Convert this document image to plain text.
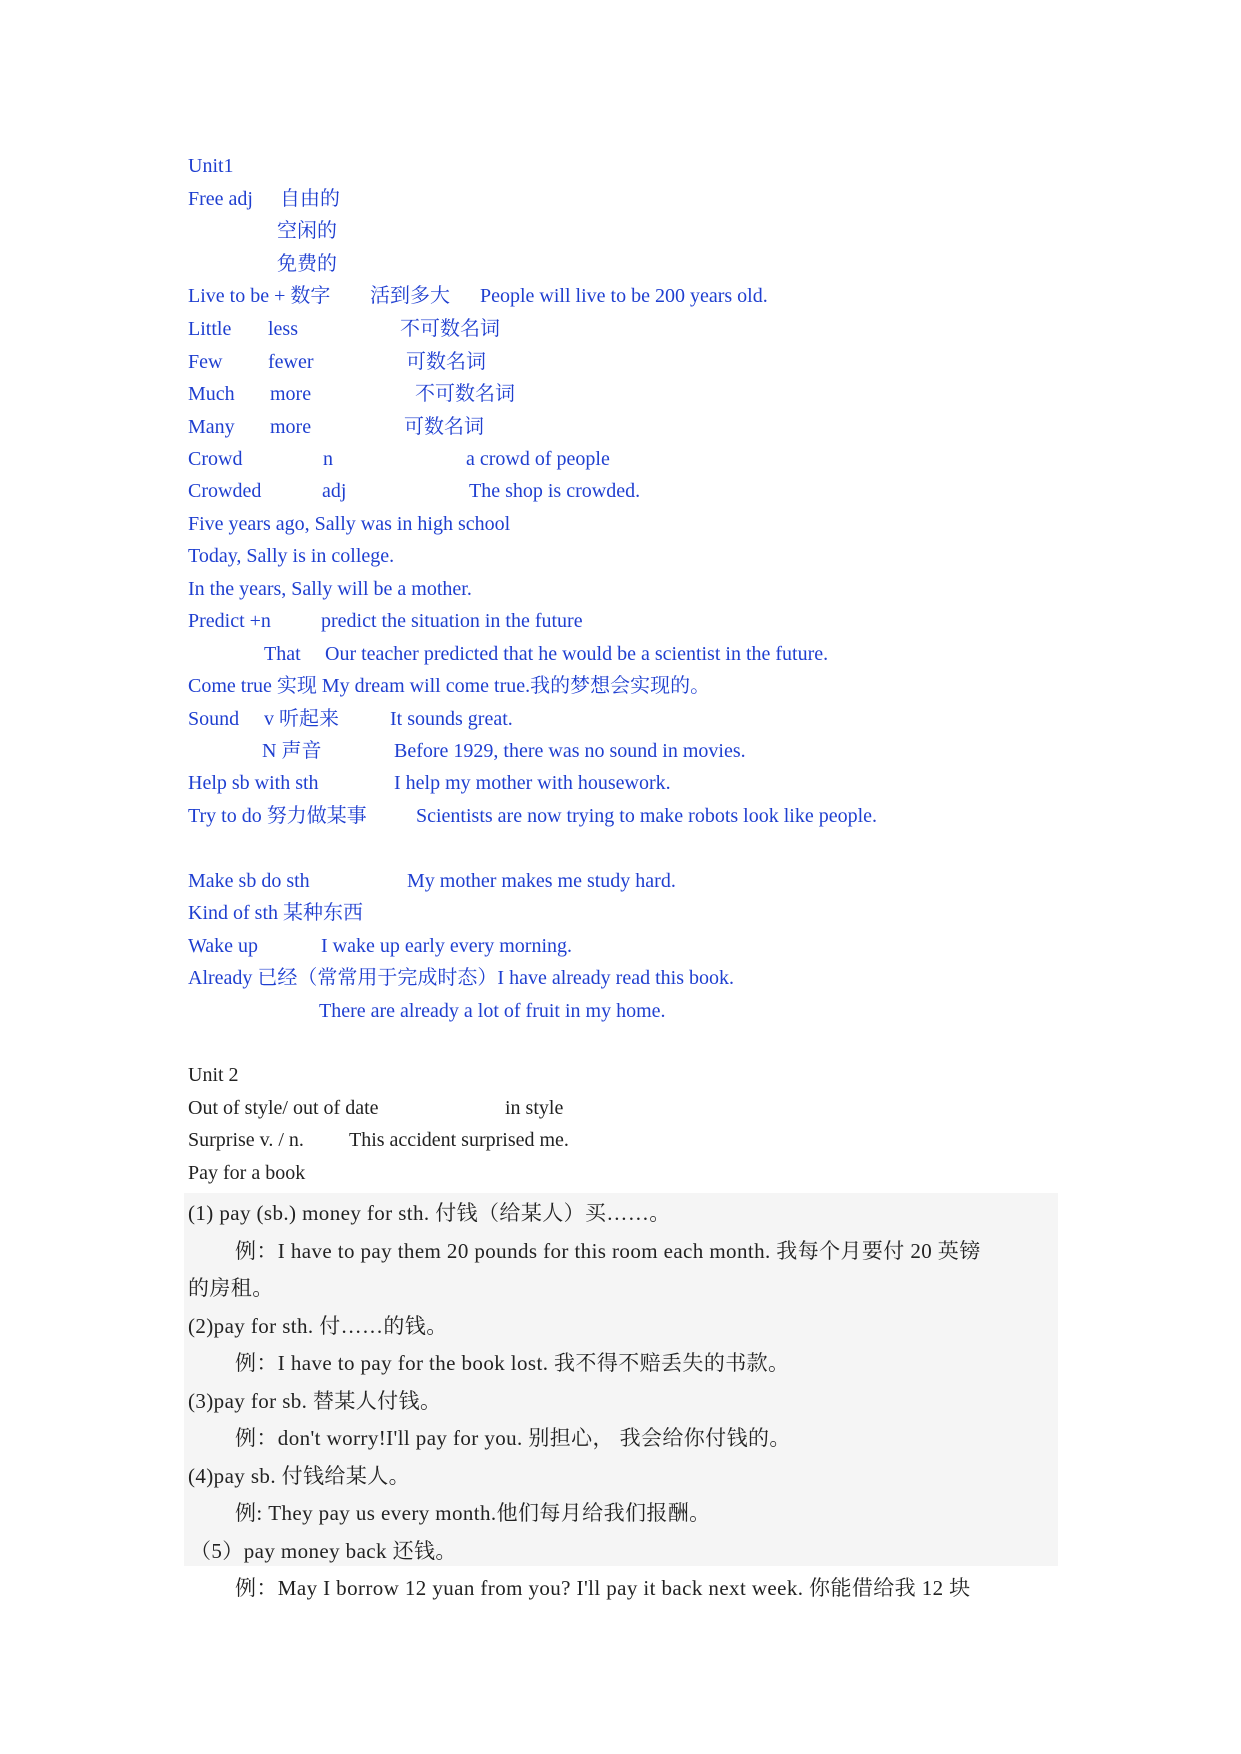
Unit1
Free adj 自由的
空闲的
免费的
Live to be + 数字 活到多大 People will live to be 200 years old.
Little less	不可数名词
Few fewer	可数名词
Much more	不可数名词
Many more	可数名词
Crowd	n	a crowd of people
Crowded	adj	The shop is crowded.
Five years ago, Sally was in high school
Today, Sally is in college.
In the years, Sally will be a mother.
Predict +n	predict the situation in the future
That Our teacher predicted that he would be a scientist in the future.
Come true 实现 My dream will come true.我的梦想会实现的。
Sound v 听起来	It sounds great.
N 声音	Before 1929, there was no sound in movies.
Help sb with sth	I help my mother with housework.
Try to do 努力做某事 Scientists are now trying to make robots look like people.
Make sb do sth	My mother makes me study hard.
Kind of sth 某种东西
Wake up	I wake up early every morning.
Already 已经（常常用于完成时态）I have already read this book.
There are already a lot of fruit in my home.
Unit 2
Out of style/ out of date	in style
Surprise v. / n. This accident surprised me.
Pay for a book
(1) pay (sb.) money for sth. 付钱（给某人）买……。
例：I have to pay them 20 pounds for this room each month. 我每个月要付 20 英镑
的房租。
(2)pay for sth. 付……的钱。
例：I have to pay for the book lost. 我不得不赔丢失的书款。
(3)pay for sb. 替某人付钱。
例：don't worry!I'll pay for you. 别担心， 我会给你付钱的。
(4)pay sb. 付钱给某人。
例: They pay us every month.他们每月给我们报酬。
（5）pay money back 还钱。
例：May I borrow 12 yuan from you? I'll pay it back next week. 你能借给我 12 块
